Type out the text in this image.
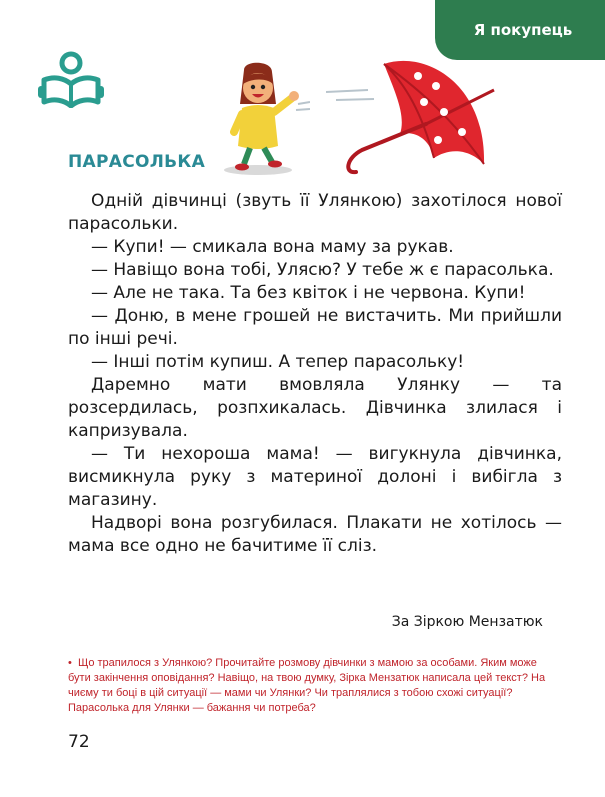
Я покупець
ПАРАСОЛЬКА

Одній дівчинці (звуть її Улянкою) захотілося нової парасольки.

— Купи! — смикала вона маму за рукав.

— Навіщо вона тобі, Улясю? У тебе ж є парасолька.

— Але не така. Та без квіток і не червона. Купи!

— Доню, в мене грошей не вистачить. Ми прийшли по інші речі.

— Інші потім купиш. А тепер парасольку!

Даремно мати вмовляла Улянку — та розсердилась, розпхикалась. Дівчинка злилася і капризувала.

— Ти нехороша мама! — вигукнула дівчинка, висмикнула руку з материної долоні і вибігла з магазину.

Надворі вона розгубилася. Плакати не хотілось — мама все одно не бачитиме її сліз.

За Зіркою Мензатюк
• Що трапилося з Улянкою? Прочитайте розмову дівчинки з мамою за особами. Яким може бути закінчення оповідання? Навіщо, на твою думку, Зірка Мензатюк написала цей текст? На чиєму ти боці в цій ситуації — мами чи Улянки? Чи траплялися з тобою схожі ситуації? Парасолька для Улянки — бажання чи потреба?
72
